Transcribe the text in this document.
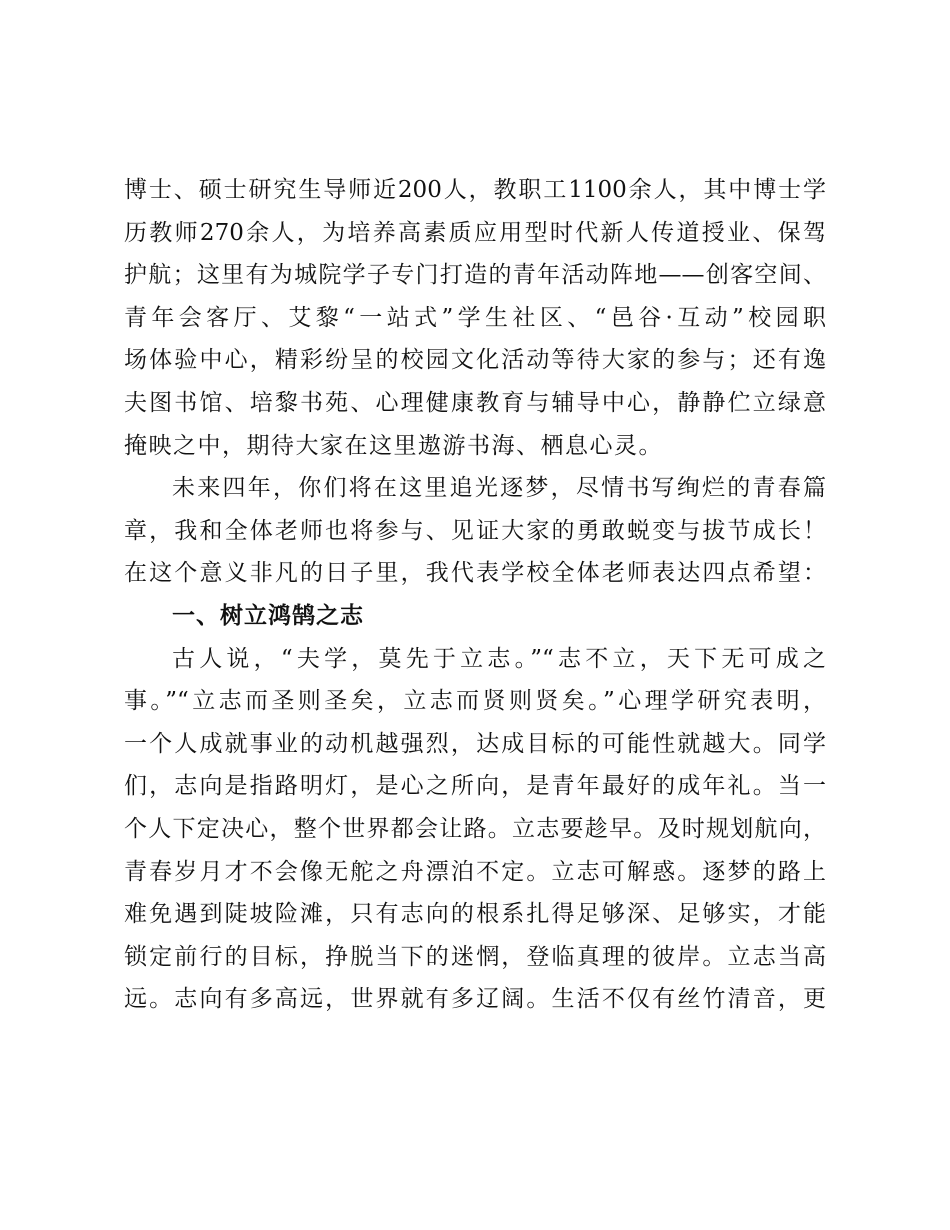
博士、硕士研究生导师近200人，教职工1100余人，其中博士学
历教师270余人，为培养高素质应用型时代新人传道授业、保驾
护航；这里有为城院学子专门打造的青年活动阵地——创客空间、
青年会客厅、艾黎“一站式”学生社区、“邑谷·互动”校园职
场体验中心，精彩纷呈的校园文化活动等待大家的参与；还有逸
夫图书馆、培黎书苑、心理健康教育与辅导中心，静静伫立绿意
掩映之中，期待大家在这里遨游书海、栖息心灵。
未来四年，你们将在这里追光逐梦，尽情书写绚烂的青春篇
章，我和全体老师也将参与、见证大家的勇敢蜕变与拔节成长！
在这个意义非凡的日子里，我代表学校全体老师表达四点希望：
一、树立鸿鹄之志
古人说，“夫学，莫先于立志。”“志不立，天下无可成之
事。”“立志而圣则圣矣，立志而贤则贤矣。”心理学研究表明，
一个人成就事业的动机越强烈，达成目标的可能性就越大。同学
们，志向是指路明灯，是心之所向，是青年最好的成年礼。当一
个人下定决心，整个世界都会让路。立志要趁早。及时规划航向，
青春岁月才不会像无舵之舟漂泊不定。立志可解惑。逐梦的路上
难免遇到陡坡险滩，只有志向的根系扎得足够深、足够实，才能
锁定前行的目标，挣脱当下的迷惘，登临真理的彼岸。立志当高
远。志向有多高远，世界就有多辽阔。生活不仅有丝竹清音，更
